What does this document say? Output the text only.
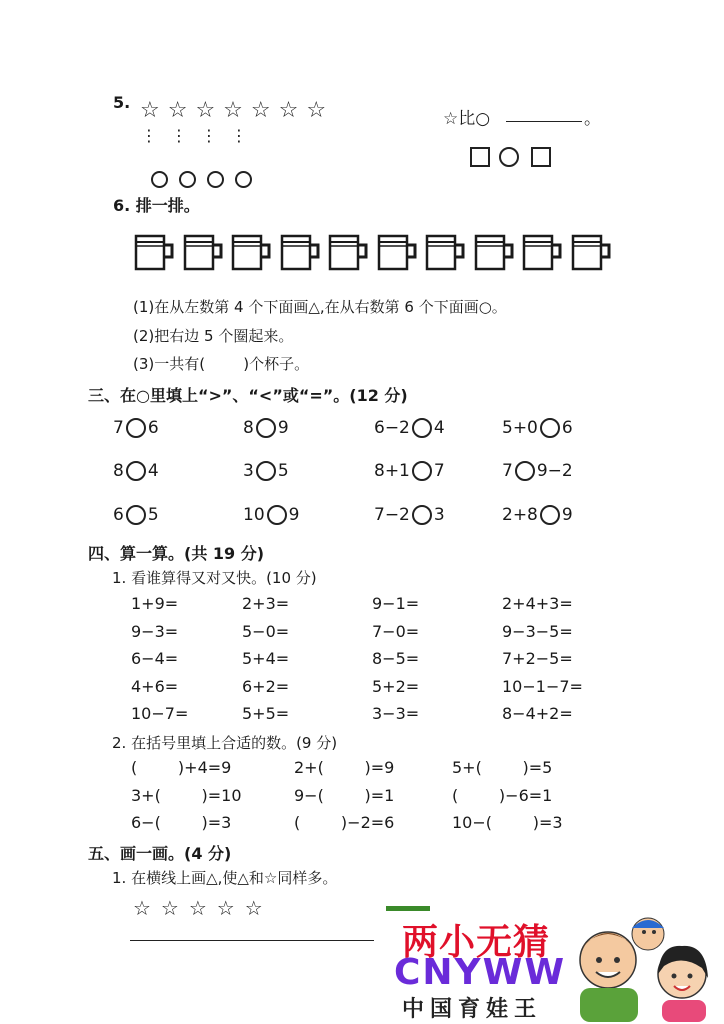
5. ☆☆☆☆☆☆☆
⋮ ⋮ ⋮ ⋮

☆比○	。
6. 排一排。
(1)在从左数第 4 个下面画△,在从右数第 6 个下面画○。
(2)把右边 5 个圈起来。
(3)一共有(        )个杯子。
三、在○里填上“>”、“<”或“=”。(12 分)
7 6	8 9	6−2 4	5+0 6
8 4	3 5	8+1 7	7 9−2
6 5	10 9	7−2 3	2+8 9
四、算一算。(共 19 分)
1. 看谁算得又对又快。(10 分)
1+9=	2+3=	9−1=	2+4+3=
9−3=	5−0=	7−0=	9−3−5=
6−4=	5+4=	8−5=	7+2−5=
4+6=	6+2=	5+2=	10−1−7=
10−7=	5+5=	3−3=	8−4+2=
2. 在括号里填上合适的数。(9 分)
(        )+4=9	2+(        )=9	5+(        )=5
3+(        )=10	9−(        )=1	(        )−6=1
6−(        )=3	(        )−2=6	10−(        )=3
五、画一画。(4 分)
1. 在横线上画△,使△和☆同样多。
☆☆☆☆☆
两小无猜
CNYWW
中国育娃王
